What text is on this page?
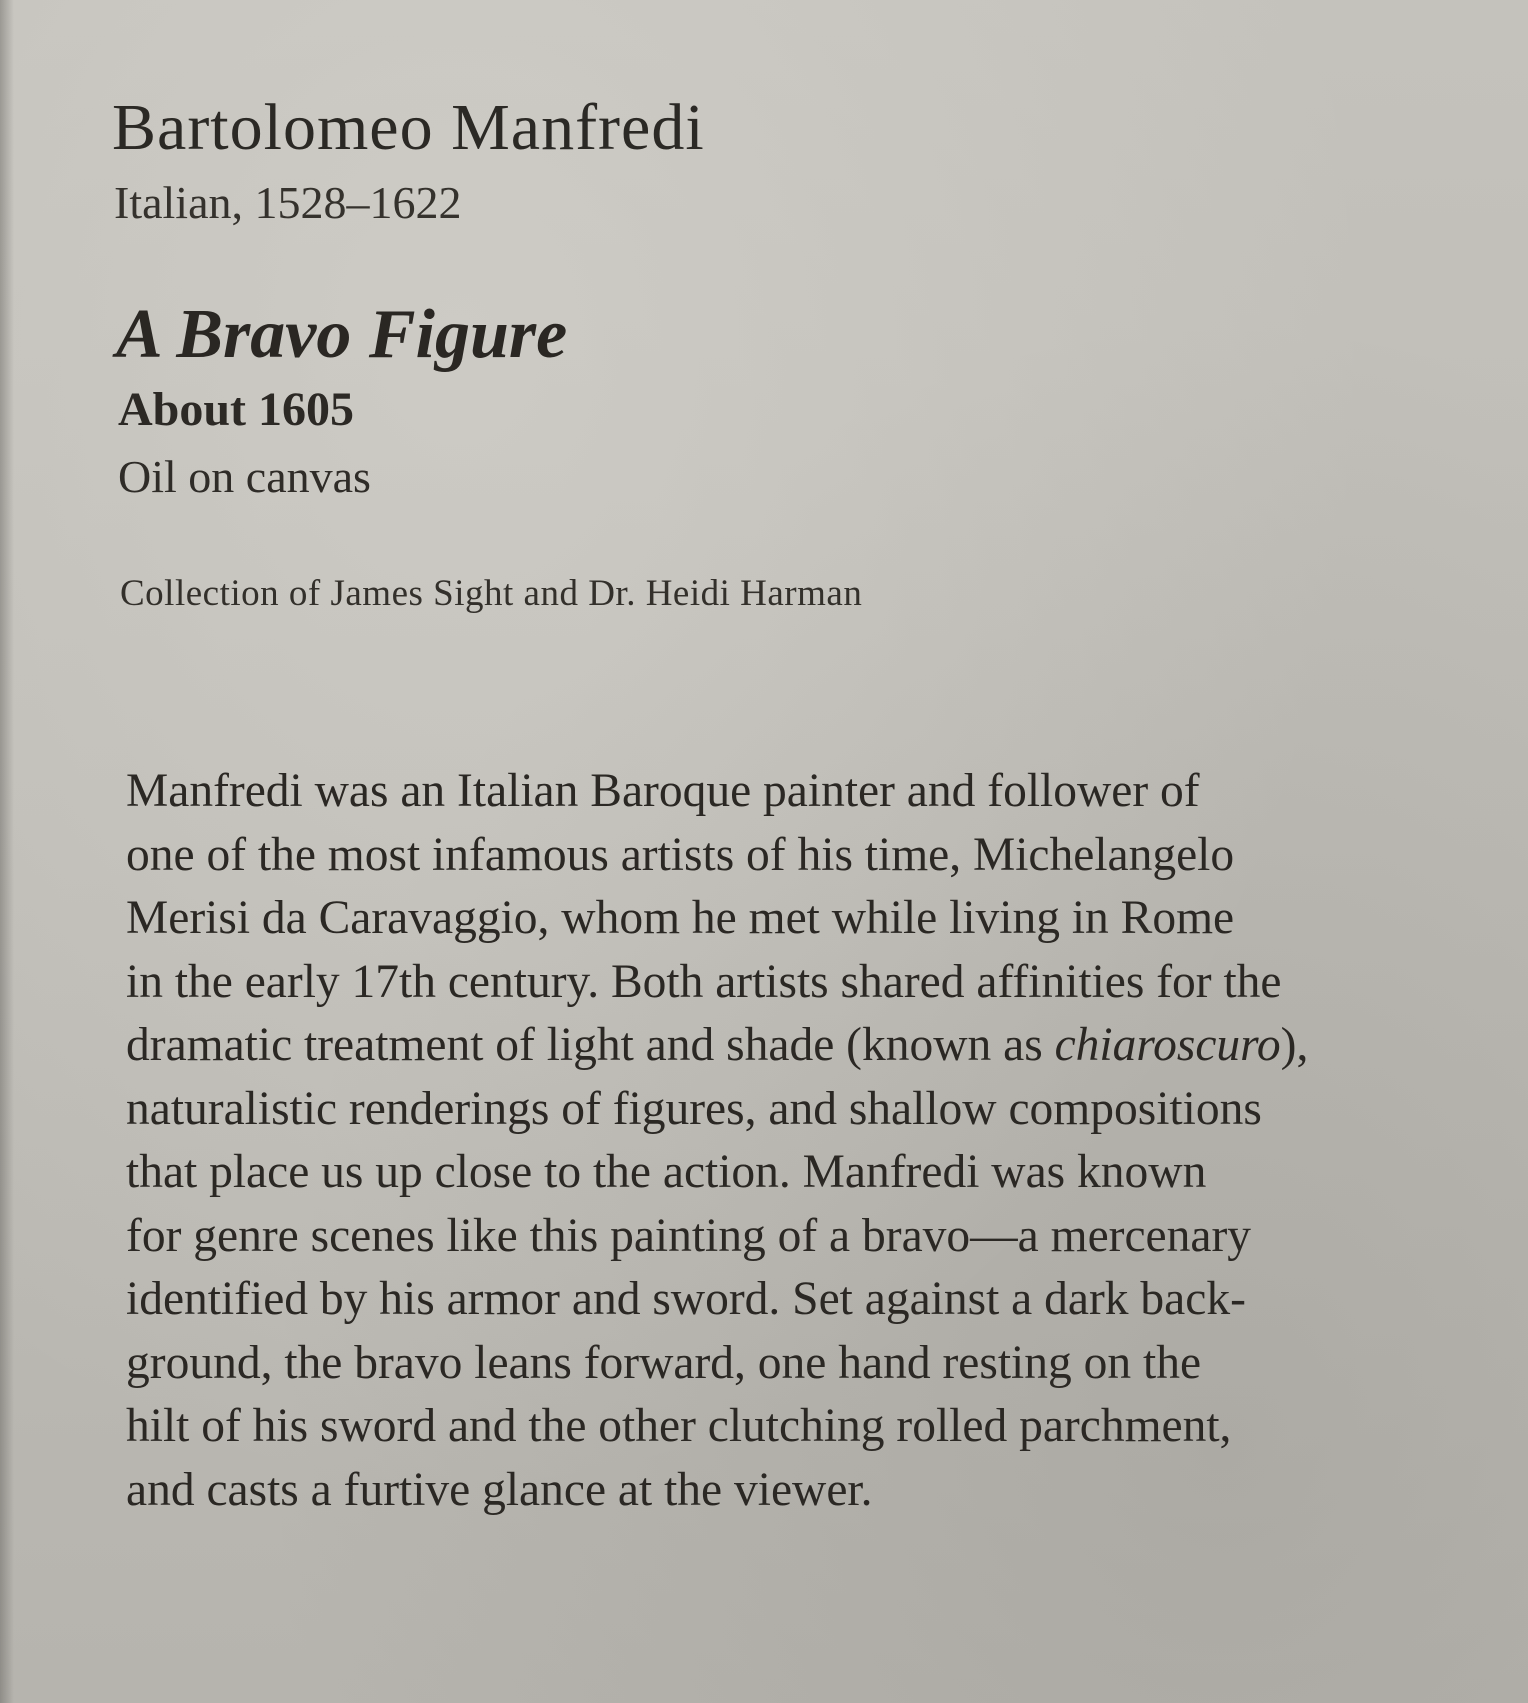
Bartolomeo Manfredi
Italian, 1528–1622
A Bravo Figure
About 1605
Oil on canvas
Collection of James Sight and Dr. Heidi Harman

Manfredi was an Italian Baroque painter and follower of
one of the most infamous artists of his time, Michelangelo
Merisi da Caravaggio, whom he met while living in Rome
in the early 17th century. Both artists shared affinities for the
dramatic treatment of light and shade (known as chiaroscuro),
naturalistic renderings of figures, and shallow compositions
that place us up close to the action. Manfredi was known
for genre scenes like this painting of a bravo—a mercenary
identified by his armor and sword. Set against a dark back-
ground, the bravo leans forward, one hand resting on the
hilt of his sword and the other clutching rolled parchment,
and casts a furtive glance at the viewer.
